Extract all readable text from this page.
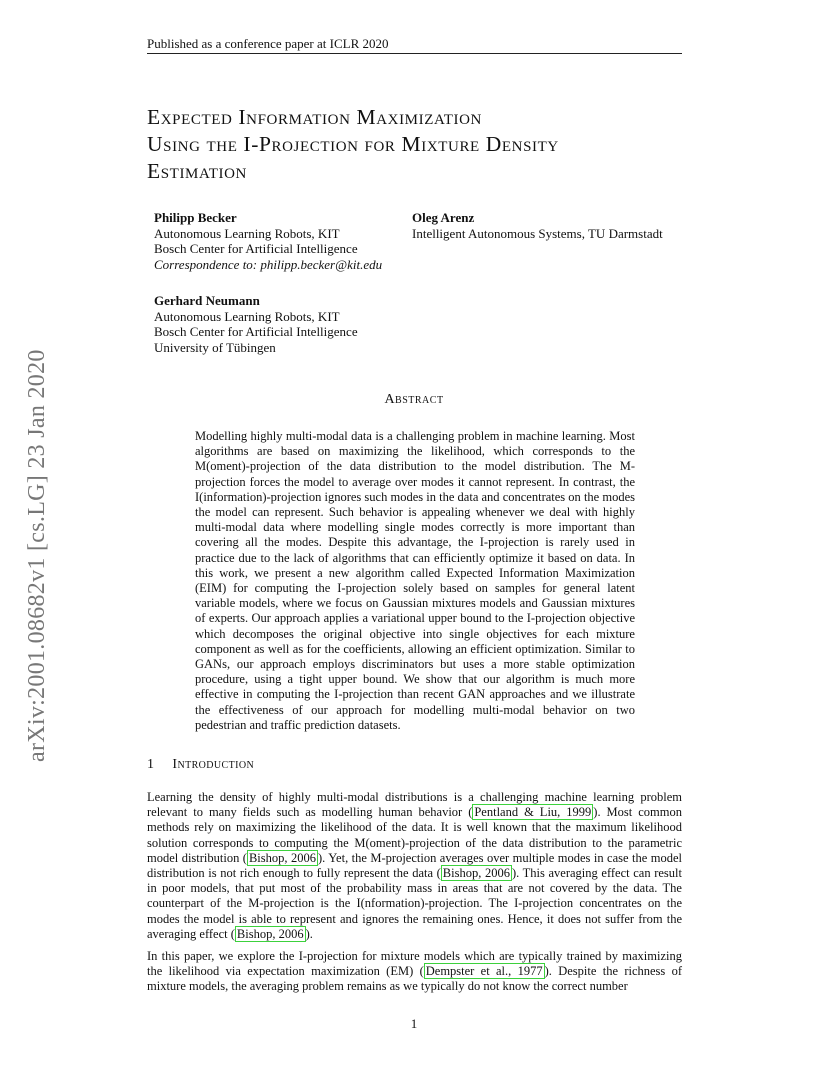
Published as a conference paper at ICLR 2020
Expected Information Maximization
Using the I-Projection for Mixture Density
Estimation
Philipp Becker
Autonomous Learning Robots, KIT
Bosch Center for Artificial Intelligence
Correspondence to: philipp.becker@kit.edu
Oleg Arenz
Intelligent Autonomous Systems, TU Darmstadt
Gerhard Neumann
Autonomous Learning Robots, KIT
Bosch Center for Artificial Intelligence
University of Tübingen
Abstract
Modelling highly multi-modal data is a challenging problem in machine learning. Most algorithms are based on maximizing the likelihood, which corresponds to the M(oment)-projection of the data distribution to the model distribution. The M-projection forces the model to average over modes it cannot represent. In contrast, the I(information)-projection ignores such modes in the data and concentrates on the modes the model can represent. Such behavior is appealing whenever we deal with highly multi-modal data where modelling single modes correctly is more important than covering all the modes. Despite this advantage, the I-projection is rarely used in practice due to the lack of algorithms that can efficiently optimize it based on data. In this work, we present a new algorithm called Expected Information Maximization (EIM) for computing the I-projection solely based on samples for general latent variable models, where we focus on Gaussian mixtures models and Gaussian mixtures of experts. Our approach applies a variational upper bound to the I-projection objective which decomposes the original objective into single objectives for each mixture component as well as for the coefficients, allowing an efficient optimization. Similar to GANs, our approach employs discriminators but uses a more stable optimization procedure, using a tight upper bound. We show that our algorithm is much more effective in computing the I-projection than recent GAN approaches and we illustrate the effectiveness of our approach for modelling multi-modal behavior on two pedestrian and traffic prediction datasets.
1 Introduction
Learning the density of highly multi-modal distributions is a challenging machine learning problem relevant to many fields such as modelling human behavior ( Pentland & Liu, 1999 ). Most common methods rely on maximizing the likelihood of the data. It is well known that the maximum likelihood solution corresponds to computing the M(oment)-projection of the data distribution to the parametric model distribution ( Bishop, 2006 ). Yet, the M-projection averages over multiple modes in case the model distribution is not rich enough to fully represent the data ( Bishop, 2006 ). This averaging effect can result in poor models, that put most of the probability mass in areas that are not covered by the data. The counterpart of the M-projection is the I(nformation)-projection. The I-projection concentrates on the modes the model is able to represent and ignores the remaining ones. Hence, it does not suffer from the averaging effect ( Bishop, 2006 ).
In this paper, we explore the I-projection for mixture models which are typically trained by maximizing the likelihood via expectation maximization (EM) ( Dempster et al., 1977 ). Despite the richness of mixture models, the averaging problem remains as we typically do not know the correct number
arXiv:2001.08682v1 [cs.LG] 23 Jan 2020
1
